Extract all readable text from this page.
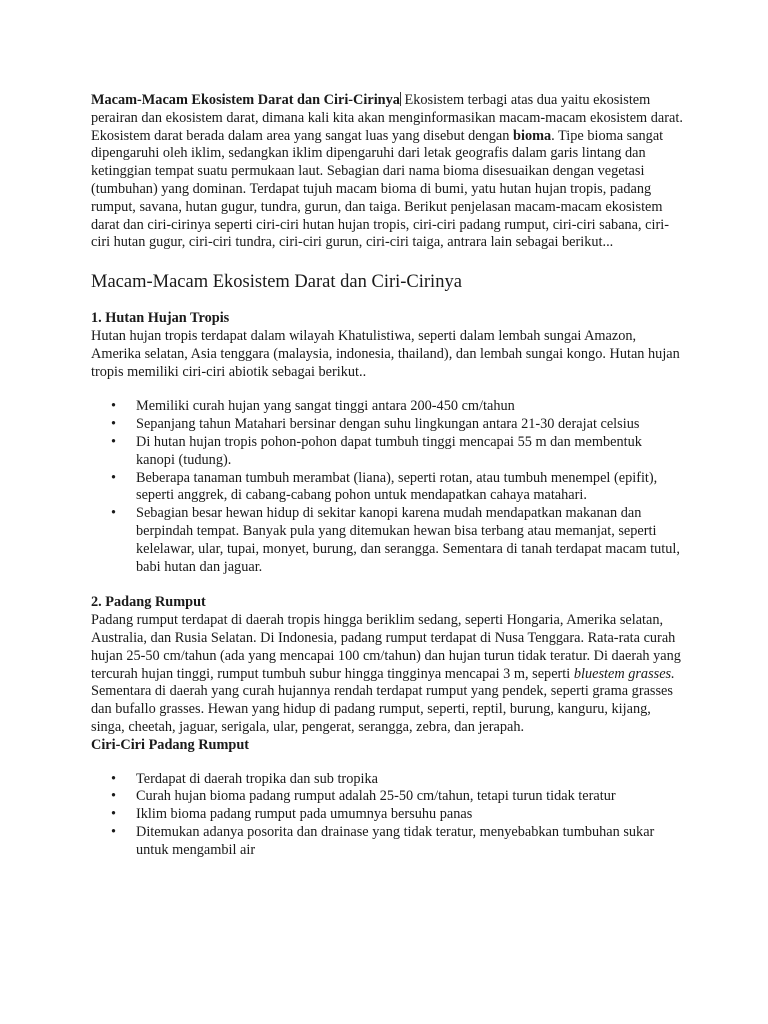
Macam-Macam Ekosistem Darat dan Ciri-Cirinya Ekosistem terbagi atas dua yaitu ekosistem perairan dan ekosistem darat, dimana kali kita akan menginformasikan macam-macam ekosistem darat. Ekosistem darat berada dalam area yang sangat luas yang disebut dengan bioma. Tipe bioma sangat dipengaruhi oleh iklim, sedangkan iklim dipengaruhi dari letak geografis dalam garis lintang dan ketinggian tempat suatu permukaan laut. Sebagian dari nama bioma disesuaikan dengan vegetasi (tumbuhan) yang dominan. Terdapat tujuh macam bioma di bumi, yatu hutan hujan tropis, padang rumput, savana, hutan gugur, tundra, gurun, dan taiga. Berikut penjelasan macam-macam ekosistem darat dan ciri-cirinya seperti ciri-ciri hutan hujan tropis, ciri-ciri padang rumput, ciri-ciri sabana, ciri-ciri hutan gugur, ciri-ciri tundra, ciri-ciri gurun, ciri-ciri taiga, antrara lain sebagai berikut...

Macam-Macam Ekosistem Darat dan Ciri-Cirinya

1. Hutan Hujan Tropis

Hutan hujan tropis terdapat dalam wilayah Khatulistiwa, seperti dalam lembah sungai Amazon, Amerika selatan, Asia tenggara (malaysia, indonesia, thailand), dan lembah sungai kongo. Hutan hujan tropis memiliki ciri-ciri abiotik sebagai berikut..

• Memiliki curah hujan yang sangat tinggi antara 200-450 cm/tahun
• Sepanjang tahun Matahari bersinar dengan suhu lingkungan antara 21-30 derajat celsius
• Di hutan hujan tropis pohon-pohon dapat tumbuh tinggi mencapai 55 m dan membentuk kanopi (tudung).
• Beberapa tanaman tumbuh merambat (liana), seperti rotan, atau tumbuh menempel (epifit), seperti anggrek, di cabang-cabang pohon untuk mendapatkan cahaya matahari.
• Sebagian besar hewan hidup di sekitar kanopi karena mudah mendapatkan makanan dan berpindah tempat. Banyak pula yang ditemukan hewan bisa terbang atau memanjat, seperti kelelawar, ular, tupai, monyet, burung, dan serangga. Sementara di tanah terdapat macam tutul, babi hutan dan jaguar.

2. Padang Rumput

Padang rumput terdapat di daerah tropis hingga beriklim sedang, seperti Hongaria, Amerika selatan, Australia, dan Rusia Selatan. Di Indonesia, padang rumput terdapat di Nusa Tenggara. Rata-rata curah hujan 25-50 cm/tahun (ada yang mencapai 100 cm/tahun) dan hujan turun tidak teratur. Di daerah yang tercurah hujan tinggi, rumput tumbuh subur hingga tingginya mencapai 3 m, seperti bluestem grasses. Sementara di daerah yang curah hujannya rendah terdapat rumput yang pendek, seperti grama grasses dan bufallo grasses. Hewan yang hidup di padang rumput, seperti, reptil, burung, kanguru, kijang, singa, cheetah, jaguar, serigala, ular, pengerat, serangga, zebra, dan jerapah.

Ciri-Ciri Padang Rumput

• Terdapat di daerah tropika dan sub tropika
• Curah hujan bioma padang rumput adalah 25-50 cm/tahun, tetapi turun tidak teratur
• Iklim bioma padang rumput pada umumnya bersuhu panas
• Ditemukan adanya posorita dan drainase yang tidak teratur, menyebabkan tumbuhan sukar untuk mengambil air
